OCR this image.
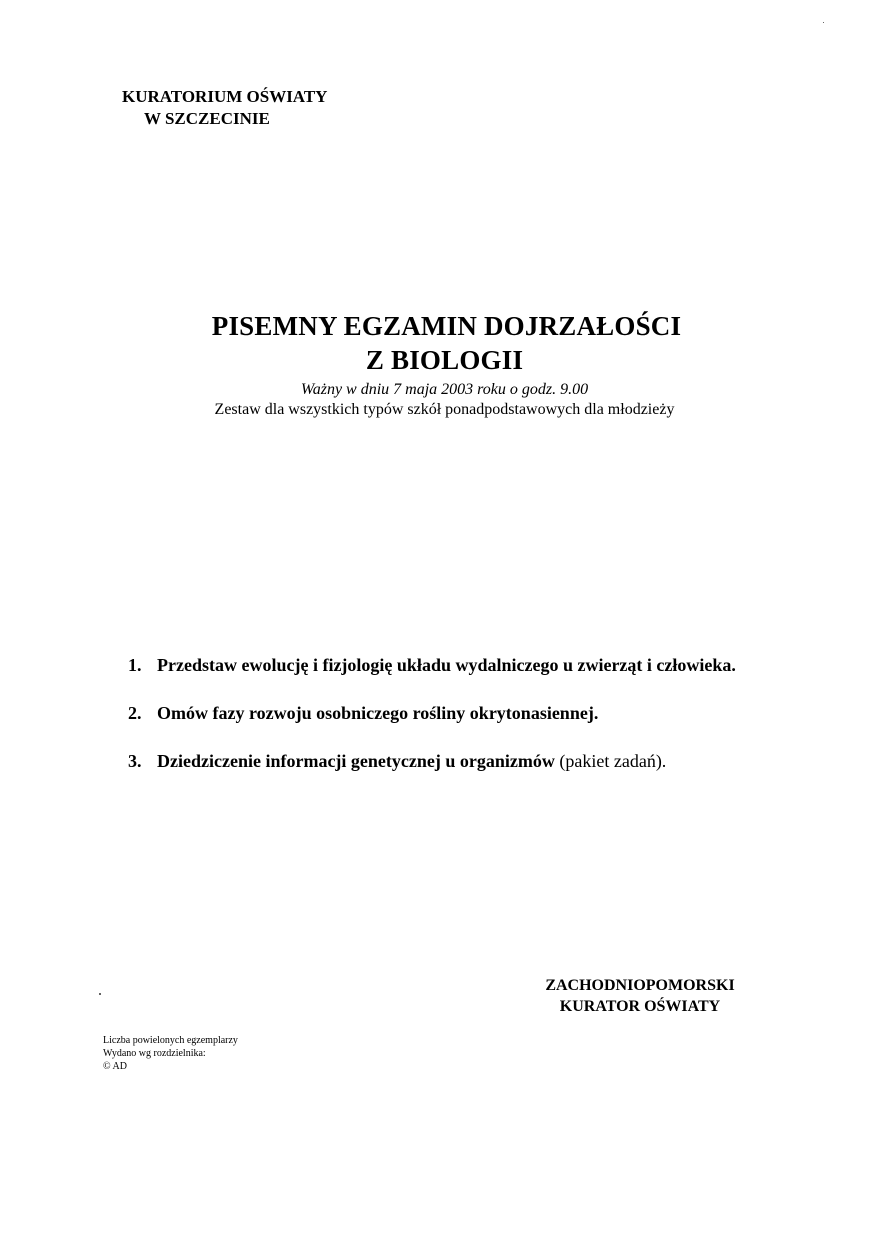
KURATORIUM OŚWIATY
W SZCZECINIE
PISEMNY EGZAMIN DOJRZAŁOŚCI
Z BIOLOGII
Ważny w dniu 7 maja 2003 roku o godz. 9.00
Zestaw dla wszystkich typów szkół ponadpodstawowych dla młodzieży
1. Przedstaw ewolucję i fizjologię układu wydalniczego u zwierząt i człowieka.
2. Omów fazy rozwoju osobniczego rośliny okrytonasiennej.
3. Dziedziczenie informacji genetycznej u organizmów (pakiet zadań).
ZACHODNIOPOMORSKI
KURATOR OŚWIATY
Liczba powielonych egzemplarzy
Wydano wg rozdzielnika:
© AD
